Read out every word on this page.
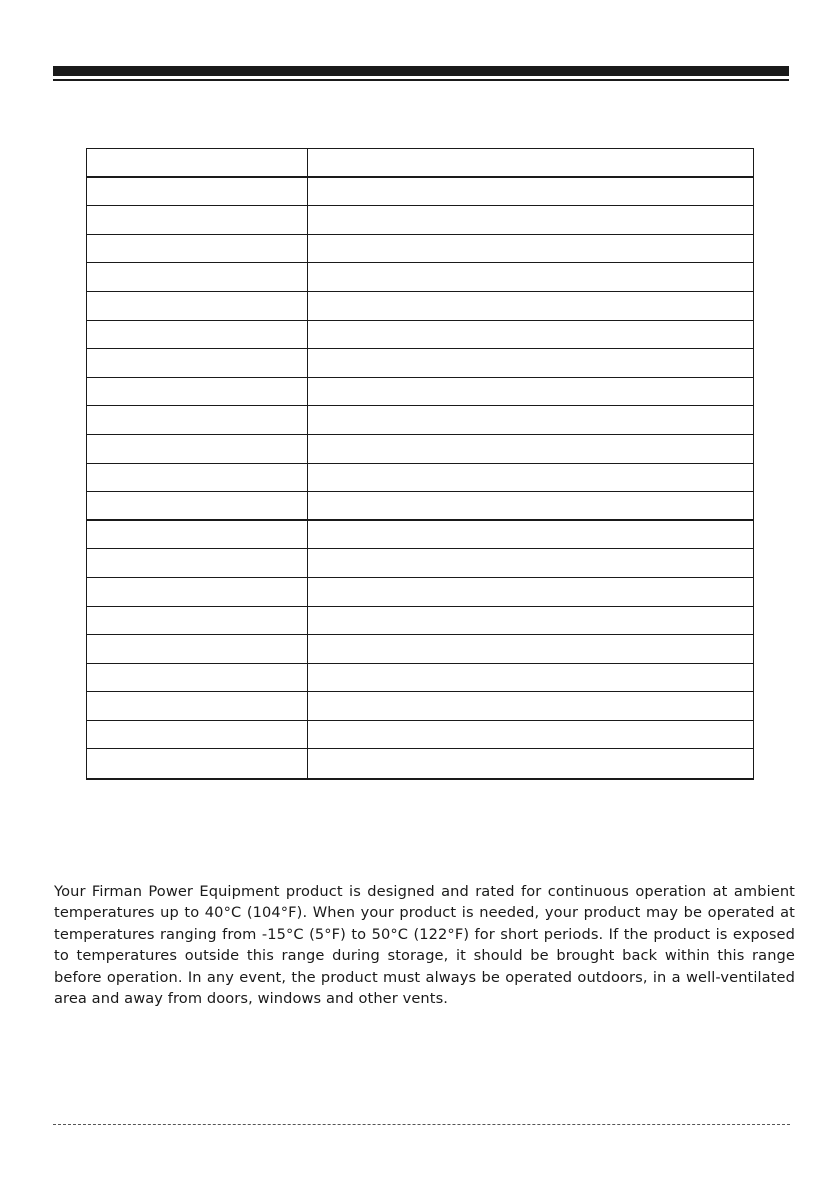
Your Firman Power Equipment product is designed and rated for continuous operation at ambient temperatures up to 40°C (104°F). When your product is needed, your product may be operated at temperatures ranging from -15°C (5°F) to 50°C (122°F) for short periods. If the product is exposed to temperatures outside this range during storage, it should be brought back within this range before operation. In any event, the product must always be operated outdoors, in a well-ventilated area and away from doors, windows and other vents.
